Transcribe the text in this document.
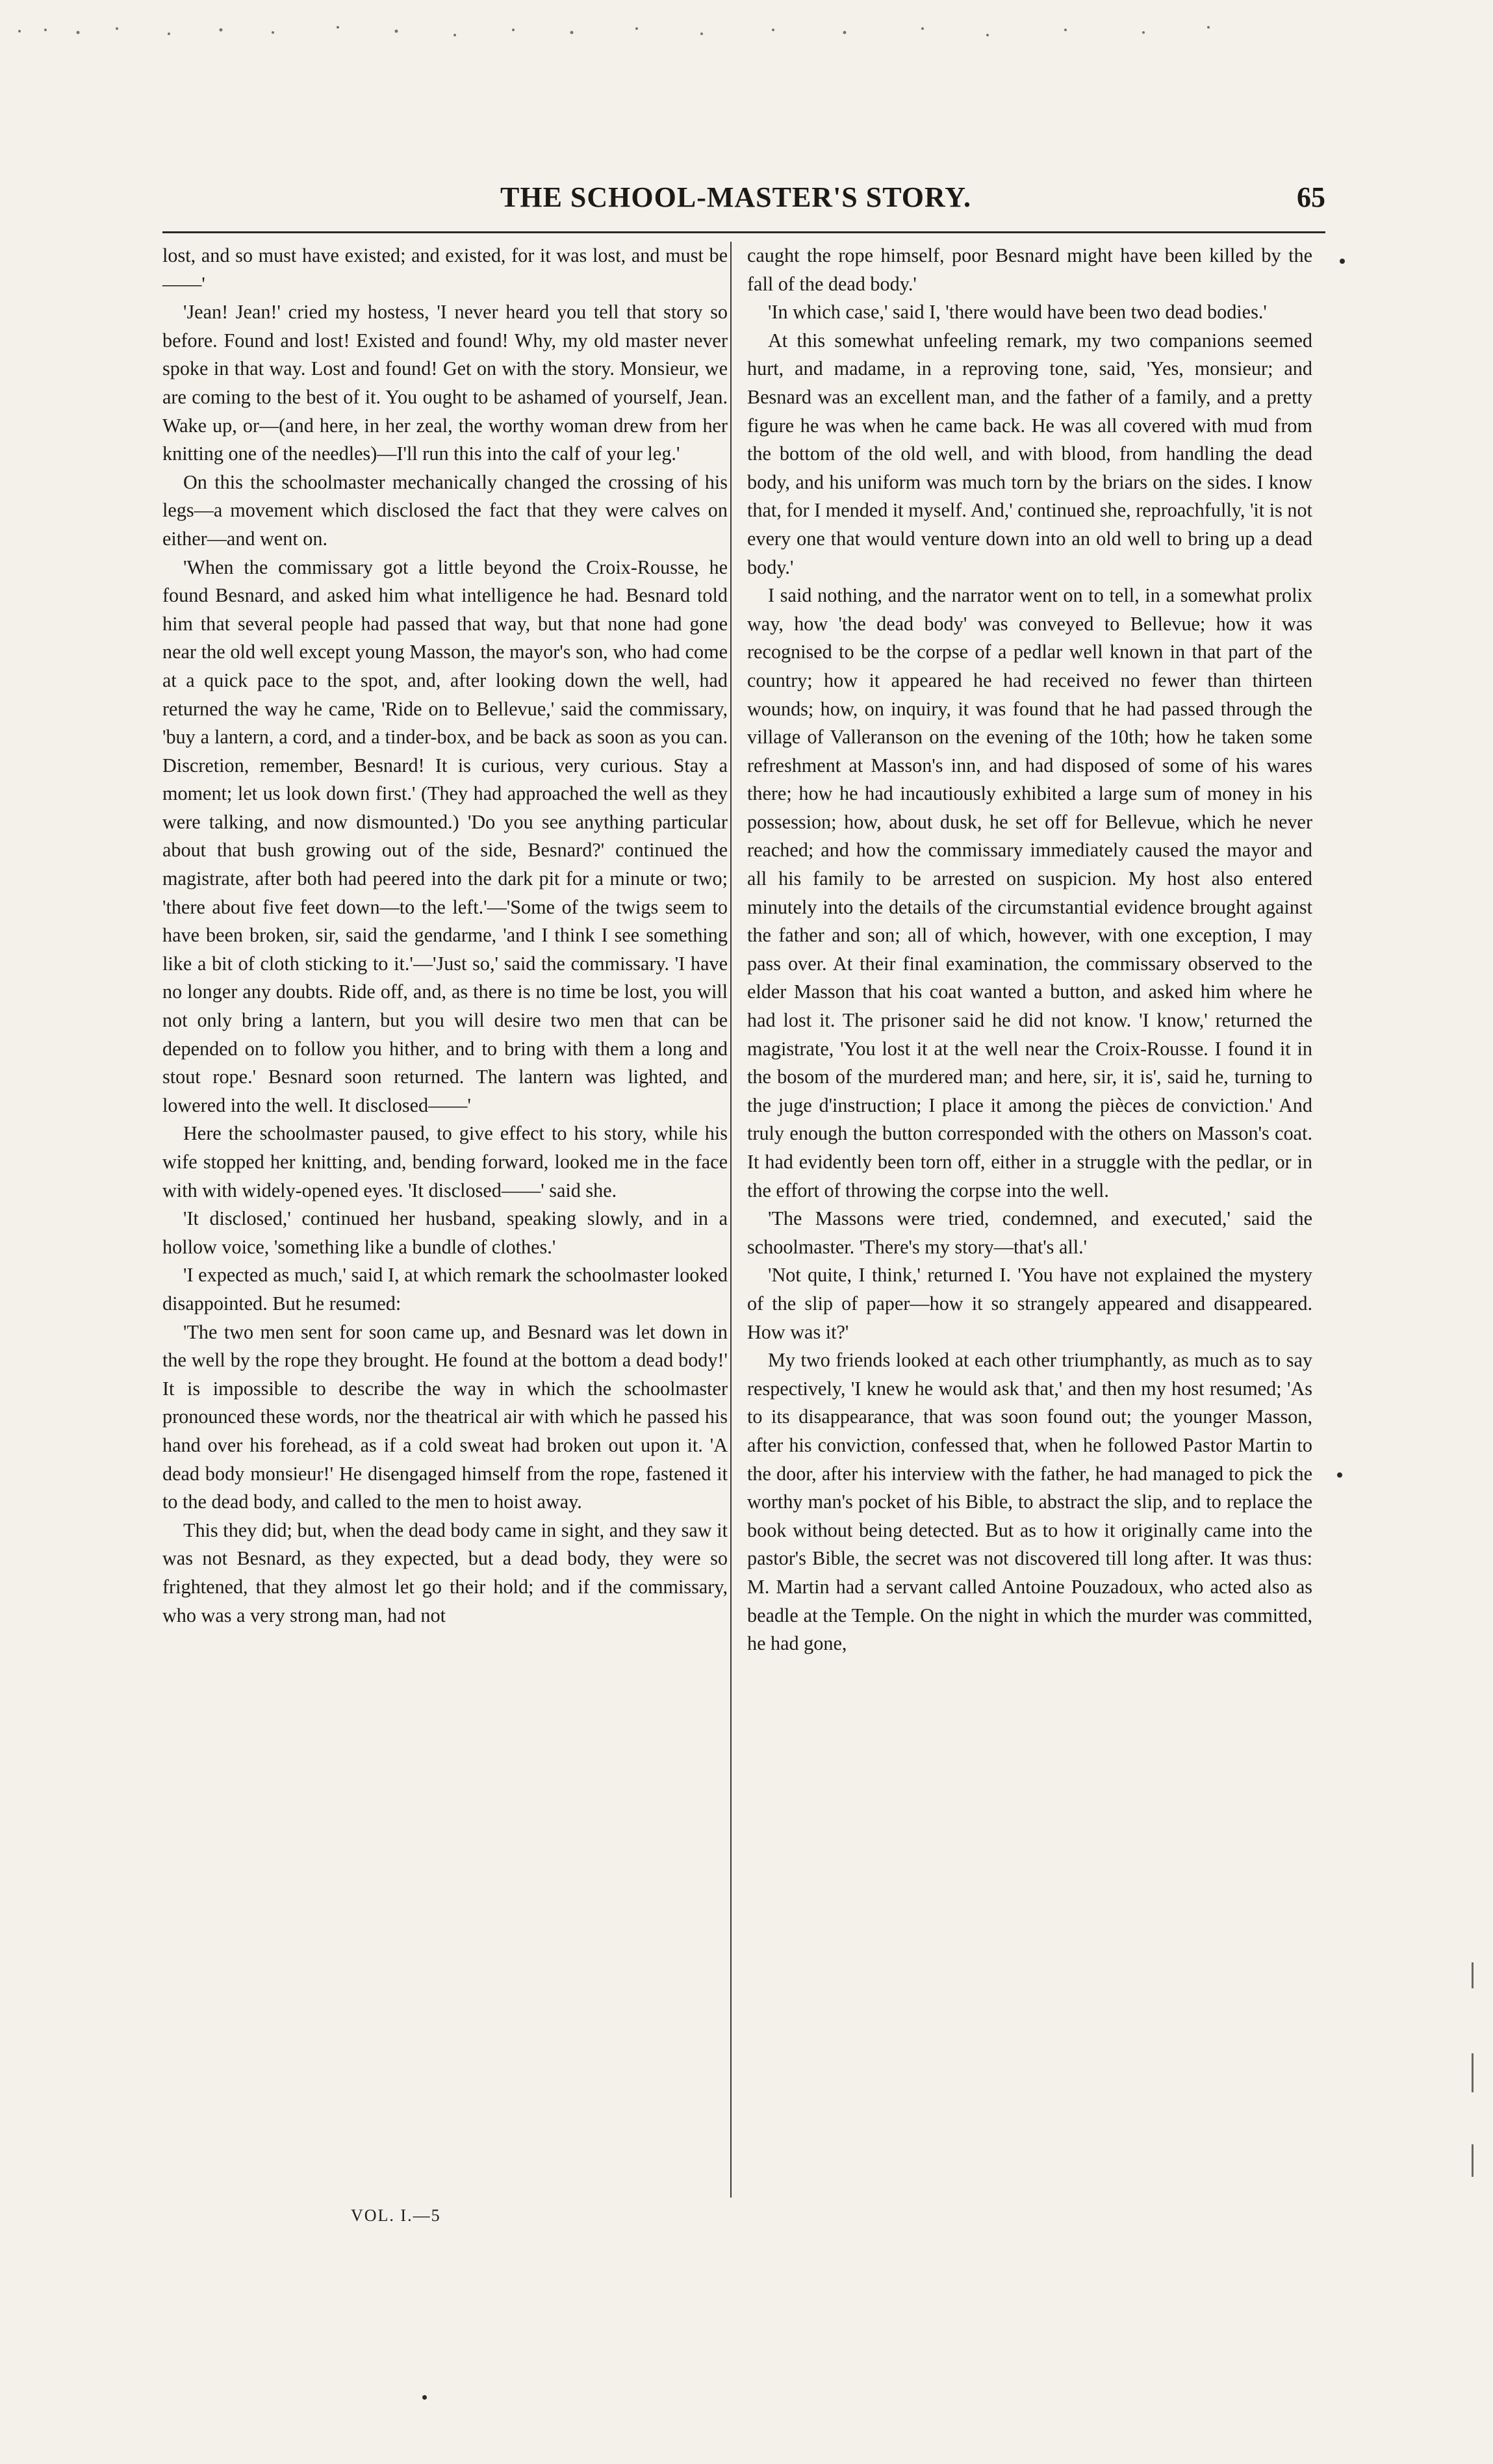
THE SCHOOL-MASTER'S STORY.	65

lost, and so must have existed; and existed, for it was lost, and must be——'

'Jean! Jean!' cried my hostess, 'I never heard you tell that story so before. Found and lost! Existed and found! Why, my old master never spoke in that way. Lost and found! Get on with the story. Monsieur, we are coming to the best of it. You ought to be ashamed of yourself, Jean. Wake up, or—(and here, in her zeal, the worthy woman drew from her knitting one of the needles)—I'll run this into the calf of your leg.'

On this the schoolmaster mechanically changed the crossing of his legs—a movement which disclosed the fact that they were calves on either—and went on.

'When the commissary got a little beyond the Croix-Rousse, he found Besnard, and asked him what intelligence he had. Besnard told him that several people had passed that way, but that none had gone near the old well except young Masson, the mayor's son, who had come at a quick pace to the spot, and, after looking down the well, had returned the way he came, 'Ride on to Bellevue,' said the commissary, 'buy a lantern, a cord, and a tinder-box, and be back as soon as you can. Discretion, remember, Besnard! It is curious, very curious. Stay a moment; let us look down first.' (They had approached the well as they were talking, and now dismounted.) 'Do you see anything particular about that bush growing out of the side, Besnard?' continued the magistrate, after both had peered into the dark pit for a minute or two; 'there about five feet down—to the left.'—'Some of the twigs seem to have been broken, sir, said the gendarme, 'and I think I see something like a bit of cloth sticking to it.'—'Just so,' said the commissary. 'I have no longer any doubts. Ride off, and, as there is no time be lost, you will not only bring a lantern, but you will desire two men that can be depended on to follow you hither, and to bring with them a long and stout rope.' Besnard soon returned. The lantern was lighted, and lowered into the well. It disclosed——'

Here the schoolmaster paused, to give effect to his story, while his wife stopped her knitting, and, bending forward, looked me in the face with with widely-opened eyes. 'It disclosed——' said she.

'It disclosed,' continued her husband, speaking slowly, and in a hollow voice, 'something like a bundle of clothes.'

'I expected as much,' said I, at which remark the schoolmaster looked disappointed. But he resumed:

'The two men sent for soon came up, and Besnard was let down in the well by the rope they brought. He found at the bottom a dead body!' It is impossible to describe the way in which the schoolmaster pronounced these words, nor the theatrical air with which he passed his hand over his forehead, as if a cold sweat had broken out upon it. 'A dead body monsieur!' He disengaged himself from the rope, fastened it to the dead body, and called to the men to hoist away.

This they did; but, when the dead body came in sight, and they saw it was not Besnard, as they expected, but a dead body, they were so frightened, that they almost let go their hold; and if the commissary, who was a very strong man, had not

caught the rope himself, poor Besnard might have been killed by the fall of the dead body.'

'In which case,' said I, 'there would have been two dead bodies.'

At this somewhat unfeeling remark, my two companions seemed hurt, and madame, in a reproving tone, said, 'Yes, monsieur; and Besnard was an excellent man, and the father of a family, and a pretty figure he was when he came back. He was all covered with mud from the bottom of the old well, and with blood, from handling the dead body, and his uniform was much torn by the briars on the sides. I know that, for I mended it myself. And,' continued she, reproachfully, 'it is not every one that would venture down into an old well to bring up a dead body.'

I said nothing, and the narrator went on to tell, in a somewhat prolix way, how 'the dead body' was conveyed to Bellevue; how it was recognised to be the corpse of a pedlar well known in that part of the country; how it appeared he had received no fewer than thirteen wounds; how, on inquiry, it was found that he had passed through the village of Valleranson on the evening of the 10th; how he taken some refreshment at Masson's inn, and had disposed of some of his wares there; how he had incautiously exhibited a large sum of money in his possession; how, about dusk, he set off for Bellevue, which he never reached; and how the commissary immediately caused the mayor and all his family to be arrested on suspicion. My host also entered minutely into the details of the circumstantial evidence brought against the father and son; all of which, however, with one exception, I may pass over. At their final examination, the commissary observed to the elder Masson that his coat wanted a button, and asked him where he had lost it. The prisoner said he did not know. 'I know,' returned the magistrate, 'You lost it at the well near the Croix-Rousse. I found it in the bosom of the murdered man; and here, sir, it is', said he, turning to the juge d'instruction; I place it among the pièces de conviction.' And truly enough the button corresponded with the others on Masson's coat. It had evidently been torn off, either in a struggle with the pedlar, or in the effort of throwing the corpse into the well.

'The Massons were tried, condemned, and executed,' said the schoolmaster. 'There's my story—that's all.'

'Not quite, I think,' returned I. 'You have not explained the mystery of the slip of paper—how it so strangely appeared and disappeared. How was it?'

My two friends looked at each other triumphantly, as much as to say respectively, 'I knew he would ask that,' and then my host resumed; 'As to its disappearance, that was soon found out; the younger Masson, after his conviction, confessed that, when he followed Pastor Martin to the door, after his interview with the father, he had managed to pick the worthy man's pocket of his Bible, to abstract the slip, and to replace the book without being detected. But as to how it originally came into the pastor's Bible, the secret was not discovered till long after. It was thus: M. Martin had a servant called Antoine Pouzadoux, who acted also as beadle at the Temple. On the night in which the murder was committed, he had gone,

VOL. I.—5
